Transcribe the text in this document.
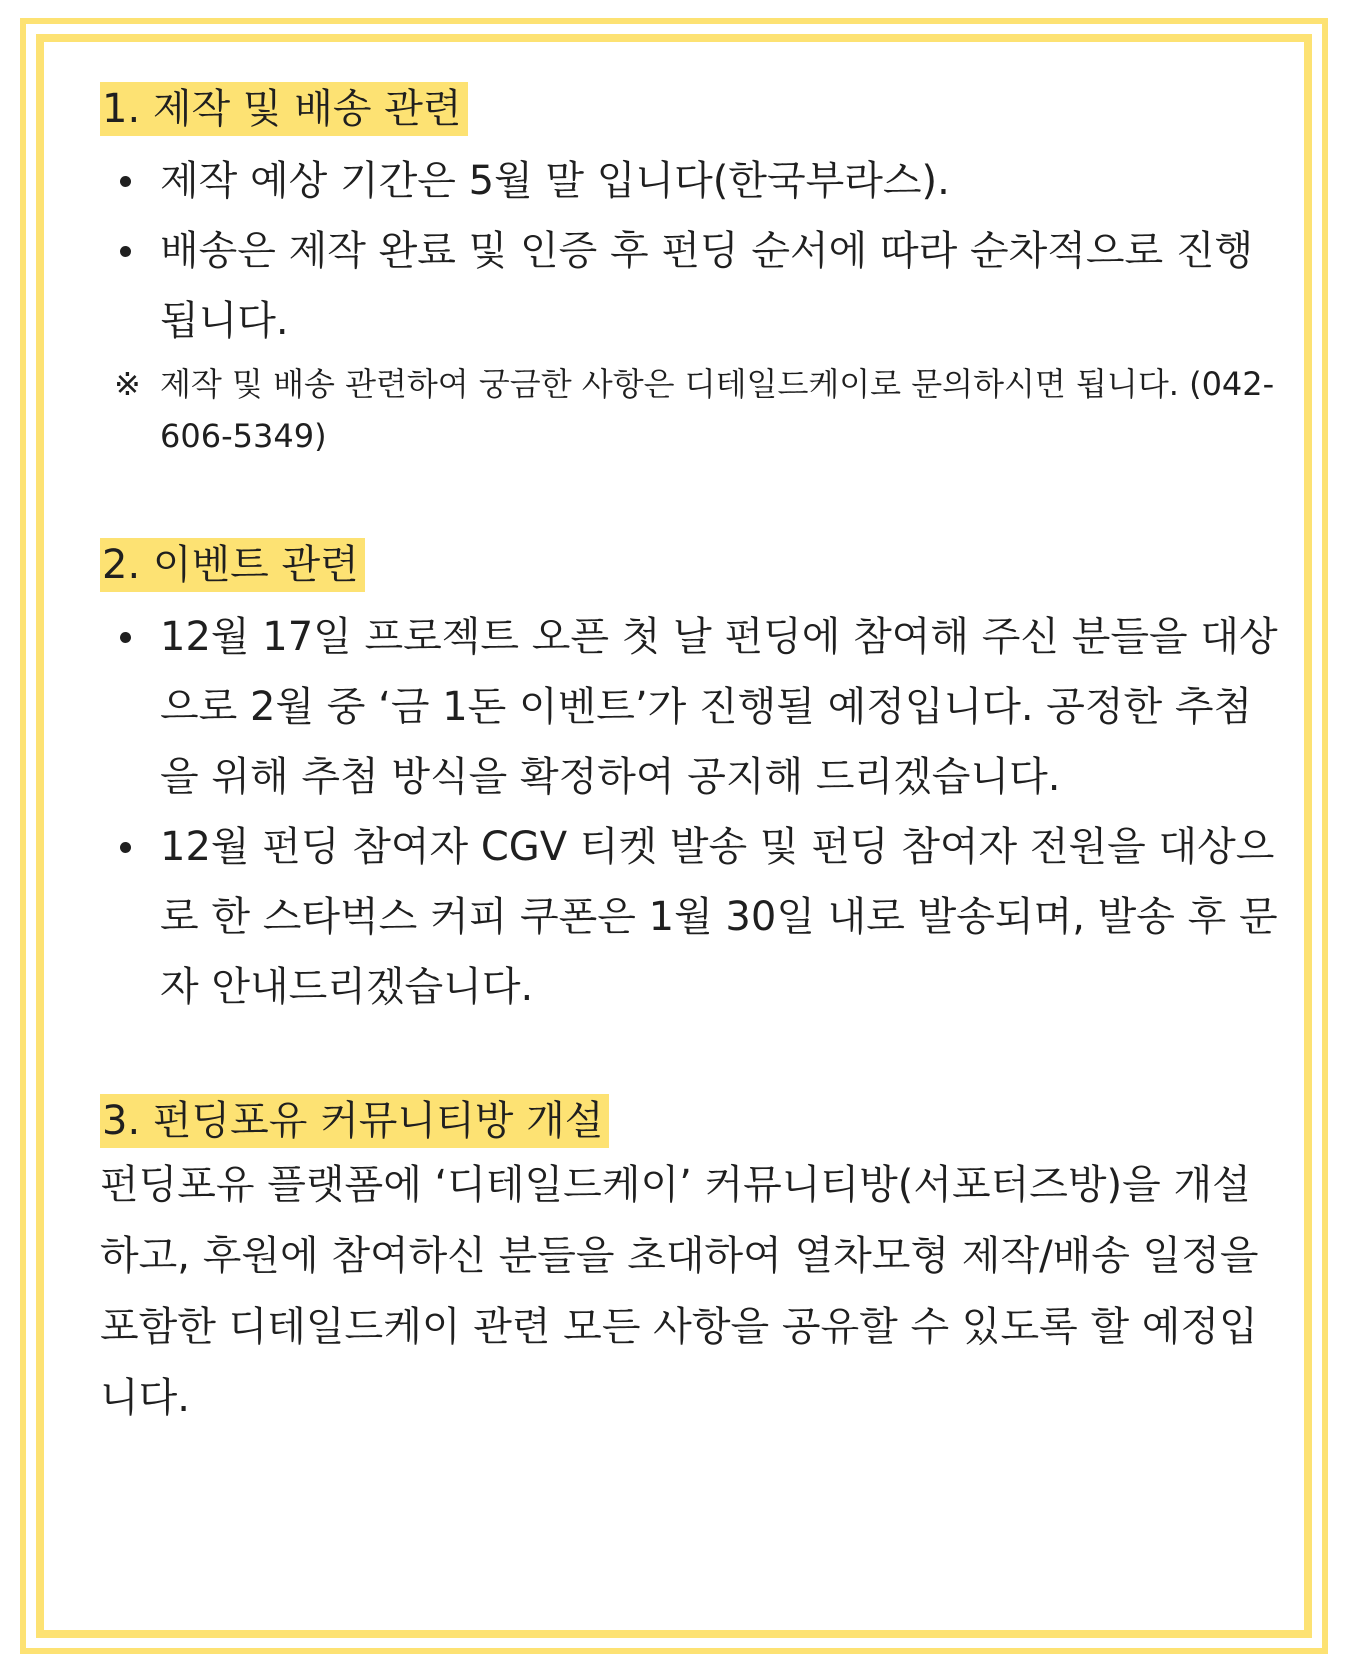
1. 제작 및 배송 관련
제작 예상 기간은 5월 말 입니다(한국부라스).
배송은 제작 완료 및 인증 후 펀딩 순서에 따라 순차적으로 진행됩니다.
※ 제작 및 배송 관련하여 궁금한 사항은 디테일드케이로 문의하시면 됩니다. (042-606-5349)
2. 이벤트 관련
12월 17일 프로젝트 오픈 첫 날 펀딩에 참여해 주신 분들을 대상으로 2월 중 ‘금 1돈 이벤트’가 진행될 예정입니다. 공정한 추첨을 위해 추첨 방식을 확정하여 공지해 드리겠습니다.
12월 펀딩 참여자 CGV 티켓 발송 및 펀딩 참여자 전원을 대상으로 한 스타벅스 커피 쿠폰은 1월 30일 내로 발송되며, 발송 후 문자 안내드리겠습니다.
3. 펀딩포유 커뮤니티방 개설

펀딩포유 플랫폼에 ‘디테일드케이’ 커뮤니티방(서포터즈방)을 개설하고, 후원에 참여하신 분들을 초대하여 열차모형 제작/배송 일정을 포함한 디테일드케이 관련 모든 사항을 공유할 수 있도록 할 예정입니다.
